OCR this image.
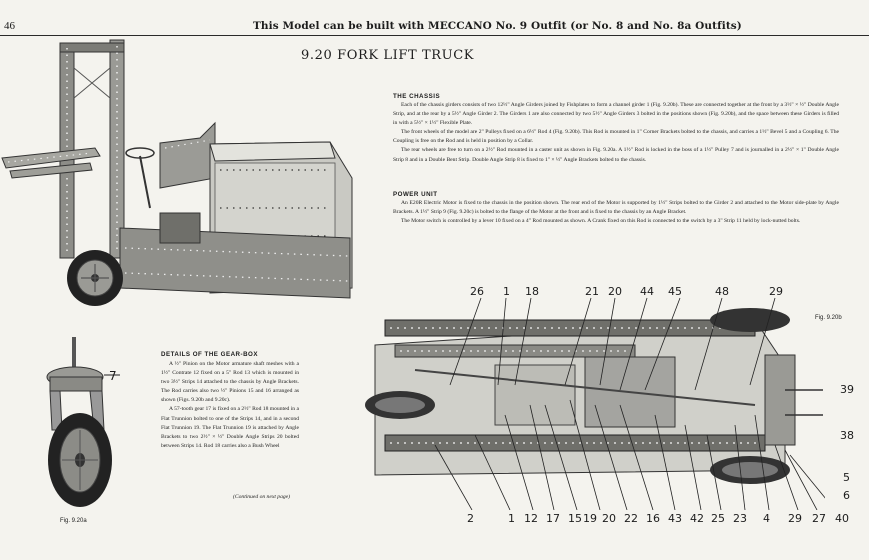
46	This Model can be built with MECCANO No. 9 Outfit (or No. 8 and No. 8a Outfits)
9.20 FORK LIFT TRUCK
7
26 1 18	21 20 44 45	48	29
39
38
5
6
2	1 12 17 15 19 20 22 16 43 42 25 23 4 29 27 40
THE CHASSIS

Each of the chassis girders consists of two 12½" Angle Girders joined by Fishplates to form a channel girder 1 (Fig. 9.20b). These are connected together at the front by a 3½" × ½" Double Angle Strip, and at the rear by a 5½" Angle Girder 2. The Girders 1 are also connected by two 5½" Angle Girders 3 bolted in the positions shown (Fig. 9.20b), and the space between these Girders is filled in with a 5½" × 1½" Flexible Plate.

The front wheels of the model are 2" Pulleys fixed on a 6½" Rod 4 (Fig. 9.20b). This Rod is mounted in 1" Corner Brackets bolted to the chassis, and carries a 1½" Bevel 5 and a Coupling 6. The Coupling is free on the Rod and is held in position by a Collar.

The rear wheels are free to turn on a 2½" Rod mounted in a caster unit as shown in Fig. 9.20a. A 1½" Rod is locked in the boss of a 1½" Pulley 7 and is journalled in a 2½" × 1" Double Angle Strip 8 and in a Double Bent Strip. Double Angle Strip 8 is fixed to 1" × ½" Angle Brackets bolted to the chassis.

POWER UNIT

An E20R Electric Motor is fixed to the chassis in the position shown. The rear end of the Motor is supported by 1½" Strips bolted to the Girder 2 and attached to the Motor side-plate by Angle Brackets. A 1½" Strip 9 (Fig. 9.20c) is bolted to the flange of the Motor at the front and is fixed to the chassis by an Angle Bracket.

The Motor switch is controlled by a lever 10 fixed on a 4" Rod mounted as shown. A Crank fixed on this Rod is connected to the switch by a 3" Strip 11 held by lock-nutted bolts.

DETAILS OF THE GEAR-BOX

A ½" Pinion on the Motor armature shaft meshes with a 1½" Contrate 12 fixed on a 5" Rod 13 which is mounted in two 3½" Strips 14 attached to the chassis by Angle Brackets. The Rod carries also two ½" Pinions 15 and 16 arranged as shown (Figs. 9.20b and 9.20c).

A 57-tooth gear 17 is fixed on a 2½" Rod 18 mounted in a Flat Trunnion bolted to one of the Strips 14, and in a second Flat Trunnion 19. The Flat Trunnion 19 is attached by Angle Brackets to two 2½" × ½" Double Angle Strips 20 bolted between Strips 14. Rod 18 carries also a Bush Wheel

(Continued on next page)
Fig. 9.20a
Fig. 9.20b
